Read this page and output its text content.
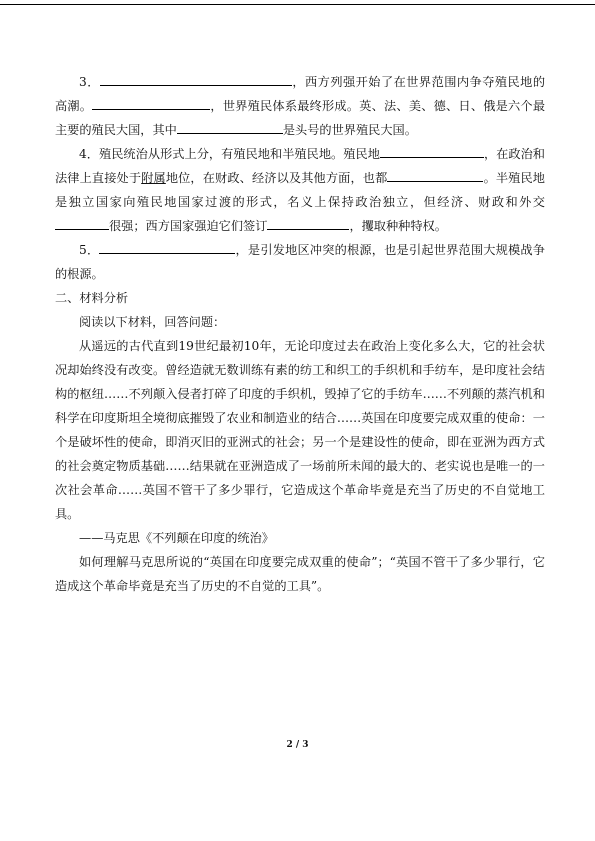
3．	，西方列强开始了在世界范围内争夺殖民地的高潮。	，世界殖民体系最终形成。英、法、美、德、日、俄是六个最主要的殖民大国，其中	是头号的世界殖民大国。

4．殖民统治从形式上分，有殖民地和半殖民地。殖民地	，在政治和法律上直接处于附属地位，在财政、经济以及其他方面，也都	。半殖民地是独立国家向殖民地国家过渡的形式，名义上保持政治独立，但经济、财政和外交很强；西方国家强迫它们签订	，攫取种种特权。

5．	，是引发地区冲突的根源，也是引起世界范围大规模战争的根源。

二、材料分析

阅读以下材料，回答问题：

从遥远的古代直到19世纪最初10年，无论印度过去在政治上变化多么大，它的社会状况却始终没有改变。曾经造就无数训练有素的纺工和织工的手织机和手纺车，是印度社会结构的枢纽……不列颠入侵者打碎了印度的手织机，毁掉了它的手纺车……不列颠的蒸汽机和科学在印度斯坦全境彻底摧毁了农业和制造业的结合……英国在印度要完成双重的使命：一个是破坏性的使命，即消灭旧的亚洲式的社会；另一个是建设性的使命，即在亚洲为西方式的社会奠定物质基础……结果就在亚洲造成了一场前所未闻的最大的、老实说也是唯一的一次社会革命……英国不管干了多少罪行，它造成这个革命毕竟是充当了历史的不自觉地工具。

——马克思《不列颠在印度的统治》

如何理解马克思所说的“英国在印度要完成双重的使命”；“英国不管干了多少罪行，它造成这个革命毕竟是充当了历史的不自觉的工具”。

2 / 3
